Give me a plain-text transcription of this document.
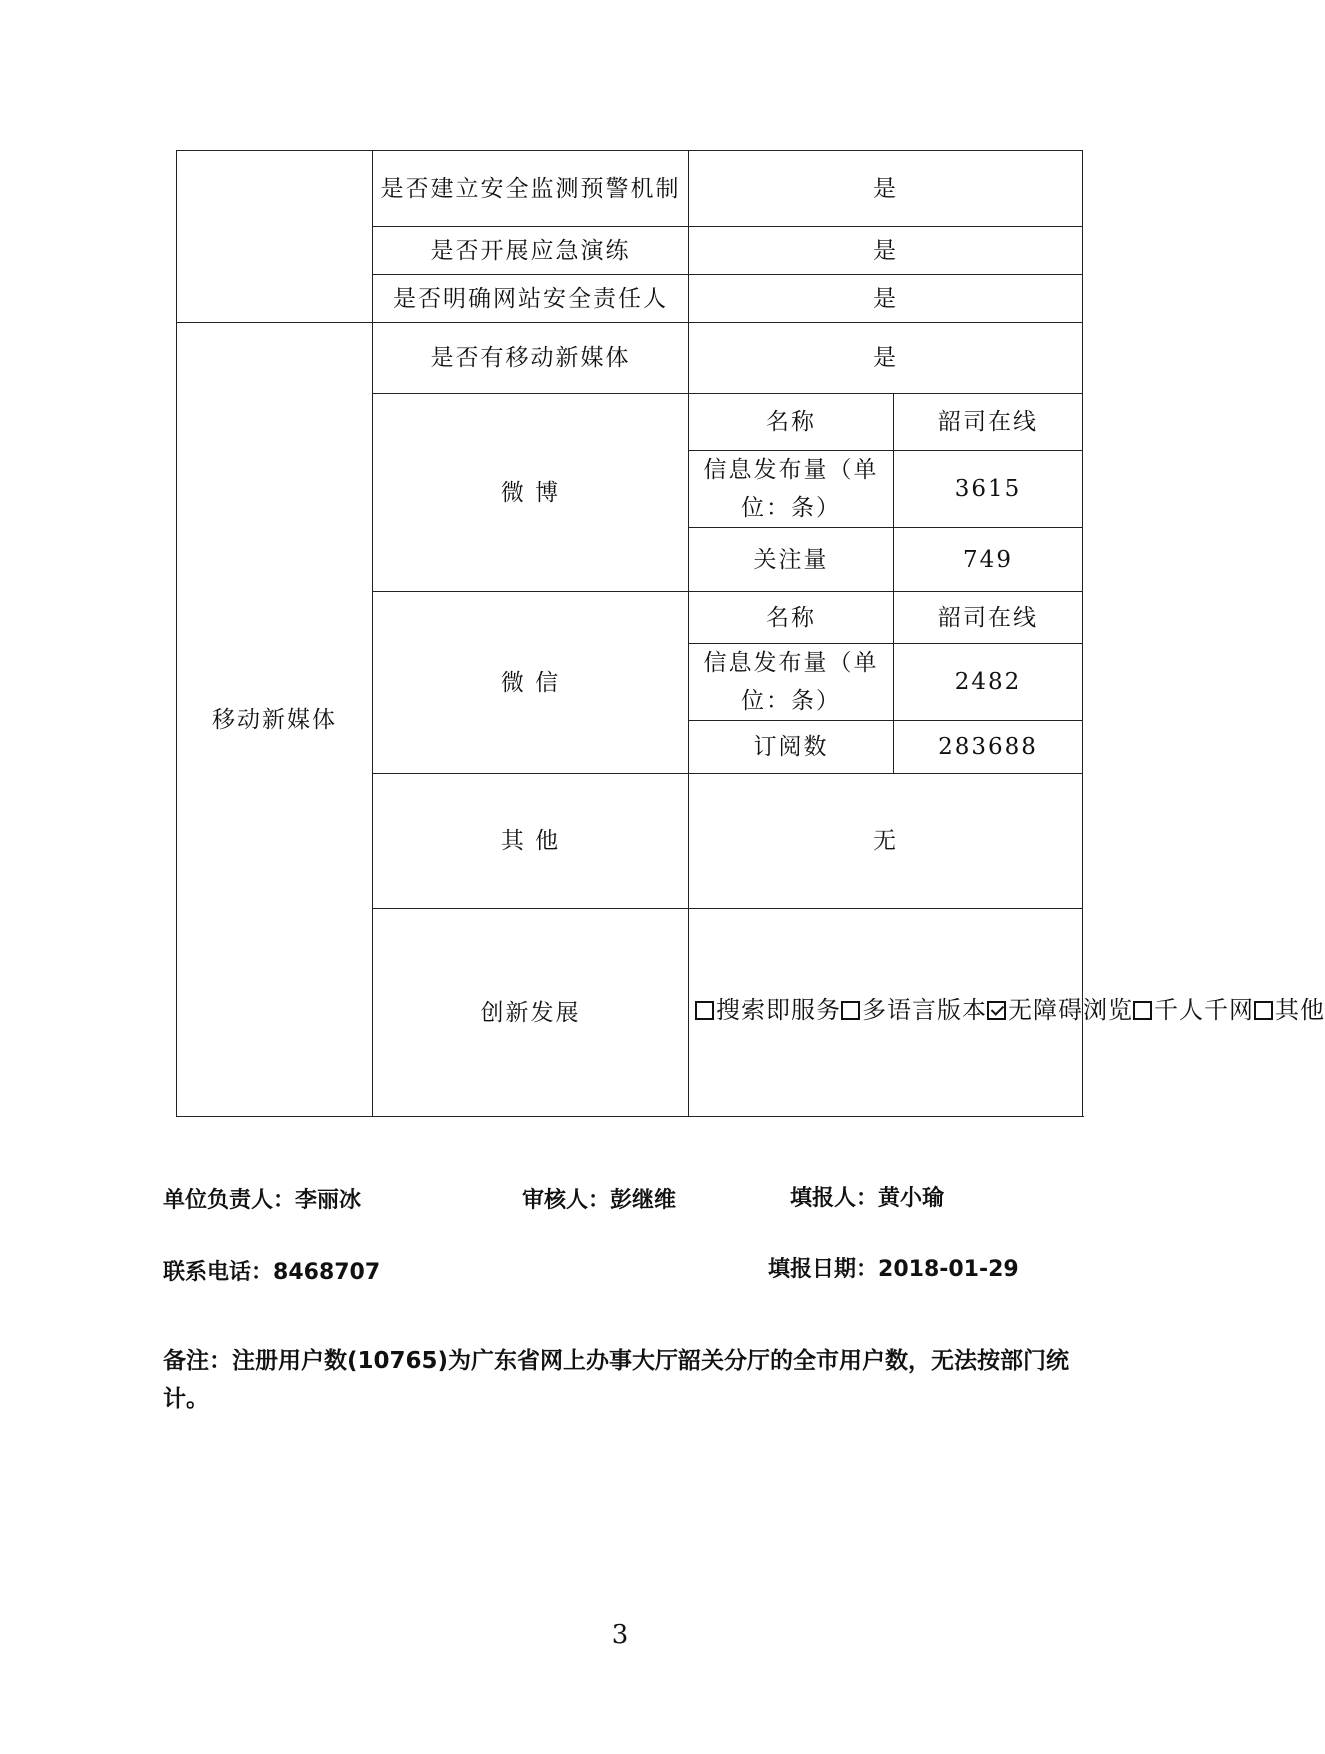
	是否建立安全监测预警机制	是	
	是否开展应急演练	是	
	是否明确网站安全责任人	是	
移动新媒体	是否有移动新媒体	是	
	微 博	名称	韶司在线
		信息发布量（单位：条）	3615
		关注量	749
	微 信	名称	韶司在线
		信息发布量（单位：条）	2482
		订阅数	283688
	其 他	无	
	创新发展	搜索即服务 多语言版本 无障碍浏览 千人千网 其他	
单位负责人：李丽冰	审核人：彭继维	填报人：黄小瑜
联系电话：8468707	填报日期：2018-01-29
备注：注册用户数(10765)为广东省网上办事大厅韶关分厅的全市用户数，无法按部门统计。
3
